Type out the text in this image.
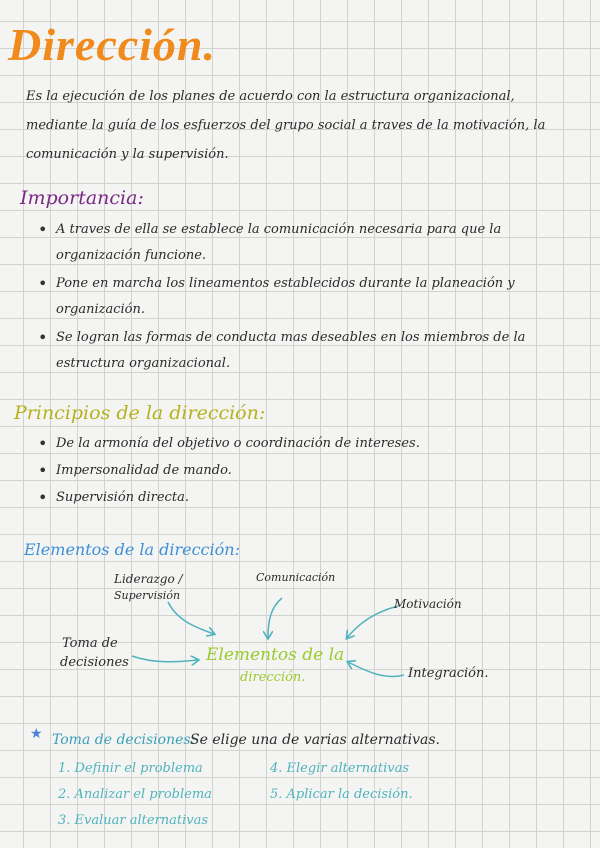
Dirección.
Es la ejecución de los planes de acuerdo con la estructura organizacional, mediante la guía de los esfuerzos del grupo social a traves de la motivación, la comunicación y la supervisión.
Importancia:
• A traves de ella se establece la comunicación necesaria para que la organización funcione.
• Pone en marcha los lineamentos establecidos durante la planeación y organización.
• Se logran las formas de conducta mas deseables en los miembros de la estructura organizacional.
Principios de la dirección:
• De la armonía del objetivo o coordinación de intereses.
• Impersonalidad de mando.
• Supervisión directa.
Elementos de la dirección:
Liderazgo /
Supervisión
Comunicación
Motivación
Toma de
decisiones
Integración.
Elementos de la
dirección.
★ Toma de decisiones:
Se elige una de varias alternativas.
1. Definir el problema
2. Analizar el problema
3. Evaluar alternativas
4. Elegir alternativas
5. Aplicar la decisión.
